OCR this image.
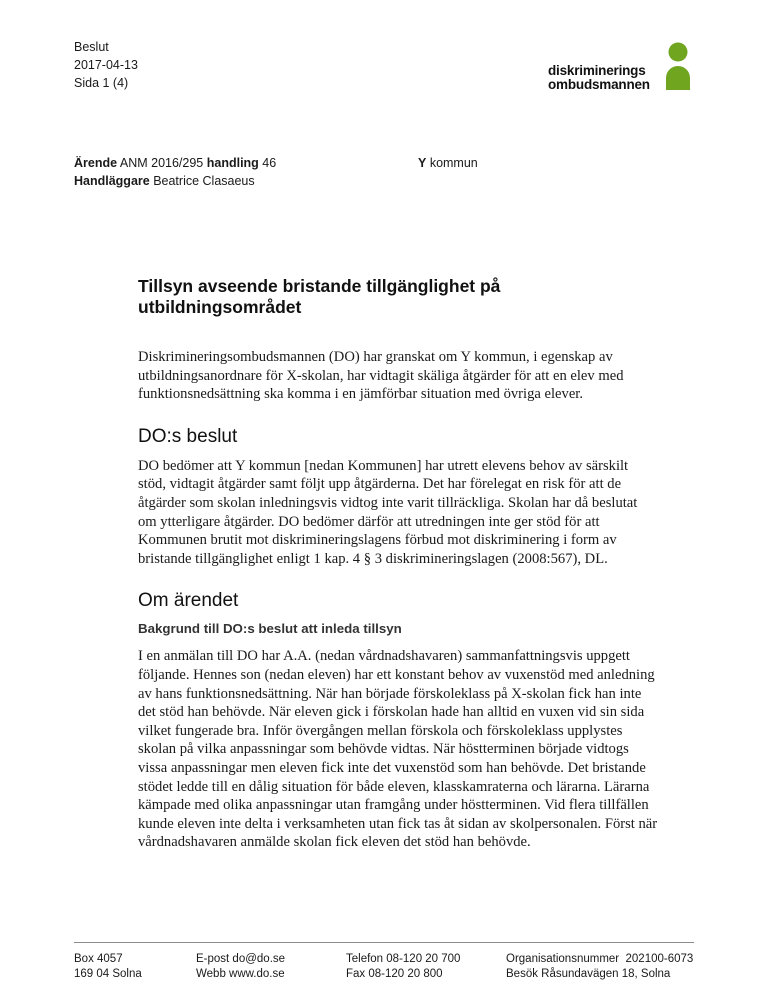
Beslut
2017-04-13
Sida 1 (4)
diskriminerings
ombudsmannen
Ärende ANM 2016/295 handling 46
Handläggare Beatrice Clasaeus
Y kommun
Tillsyn avseende bristande tillgänglighet på utbildningsområdet

Diskrimineringsombudsmannen (DO) har granskat om Y kommun, i egenskap av utbildningsanordnare för X-skolan, har vidtagit skäliga åtgärder för att en elev med funktionsnedsättning ska komma i en jämförbar situation med övriga elever.

DO:s beslut

DO bedömer att Y kommun [nedan Kommunen] har utrett elevens behov av särskilt stöd, vidtagit åtgärder samt följt upp åtgärderna. Det har förelegat en risk för att de åtgärder som skolan inledningsvis vidtog inte varit tillräckliga. Skolan har då beslutat om ytterligare åtgärder. DO bedömer därför att utredningen inte ger stöd för att Kommunen brutit mot diskrimineringslagens förbud mot diskriminering i form av bristande tillgänglighet enligt 1 kap. 4 § 3 diskrimineringslagen (2008:567), DL.

Om ärendet
Bakgrund till DO:s beslut att inleda tillsyn

I en anmälan till DO har A.A. (nedan vårdnadshavaren) sammanfattningsvis uppgett följande. Hennes son (nedan eleven) har ett konstant behov av vuxenstöd med anledning av hans funktionsnedsättning. När han började förskoleklass på X-skolan fick han inte det stöd han behövde. När eleven gick i förskolan hade han alltid en vuxen vid sin sida vilket fungerade bra. Inför övergången mellan förskola och förskoleklass upplystes skolan på vilka anpassningar som behövde vidtas. När höstterminen började vidtogs vissa anpassningar men eleven fick inte det vuxenstöd som han behövde. Det bristande stödet ledde till en dålig situation för både eleven, klasskamraterna och lärarna. Lärarna kämpade med olika anpassningar utan framgång under höstterminen. Vid flera tillfällen kunde eleven inte delta i verksamheten utan fick tas åt sidan av skolpersonalen. Först när vårdnadshavaren anmälde skolan fick eleven det stöd han behövde.

Box 4057
169 04 Solna
E-post do@do.se
Webb www.do.se
Telefon 08-120 20 700
Fax 08-120 20 800
Organisationsnummer  202100-6073
Besök Råsundavägen 18, Solna
